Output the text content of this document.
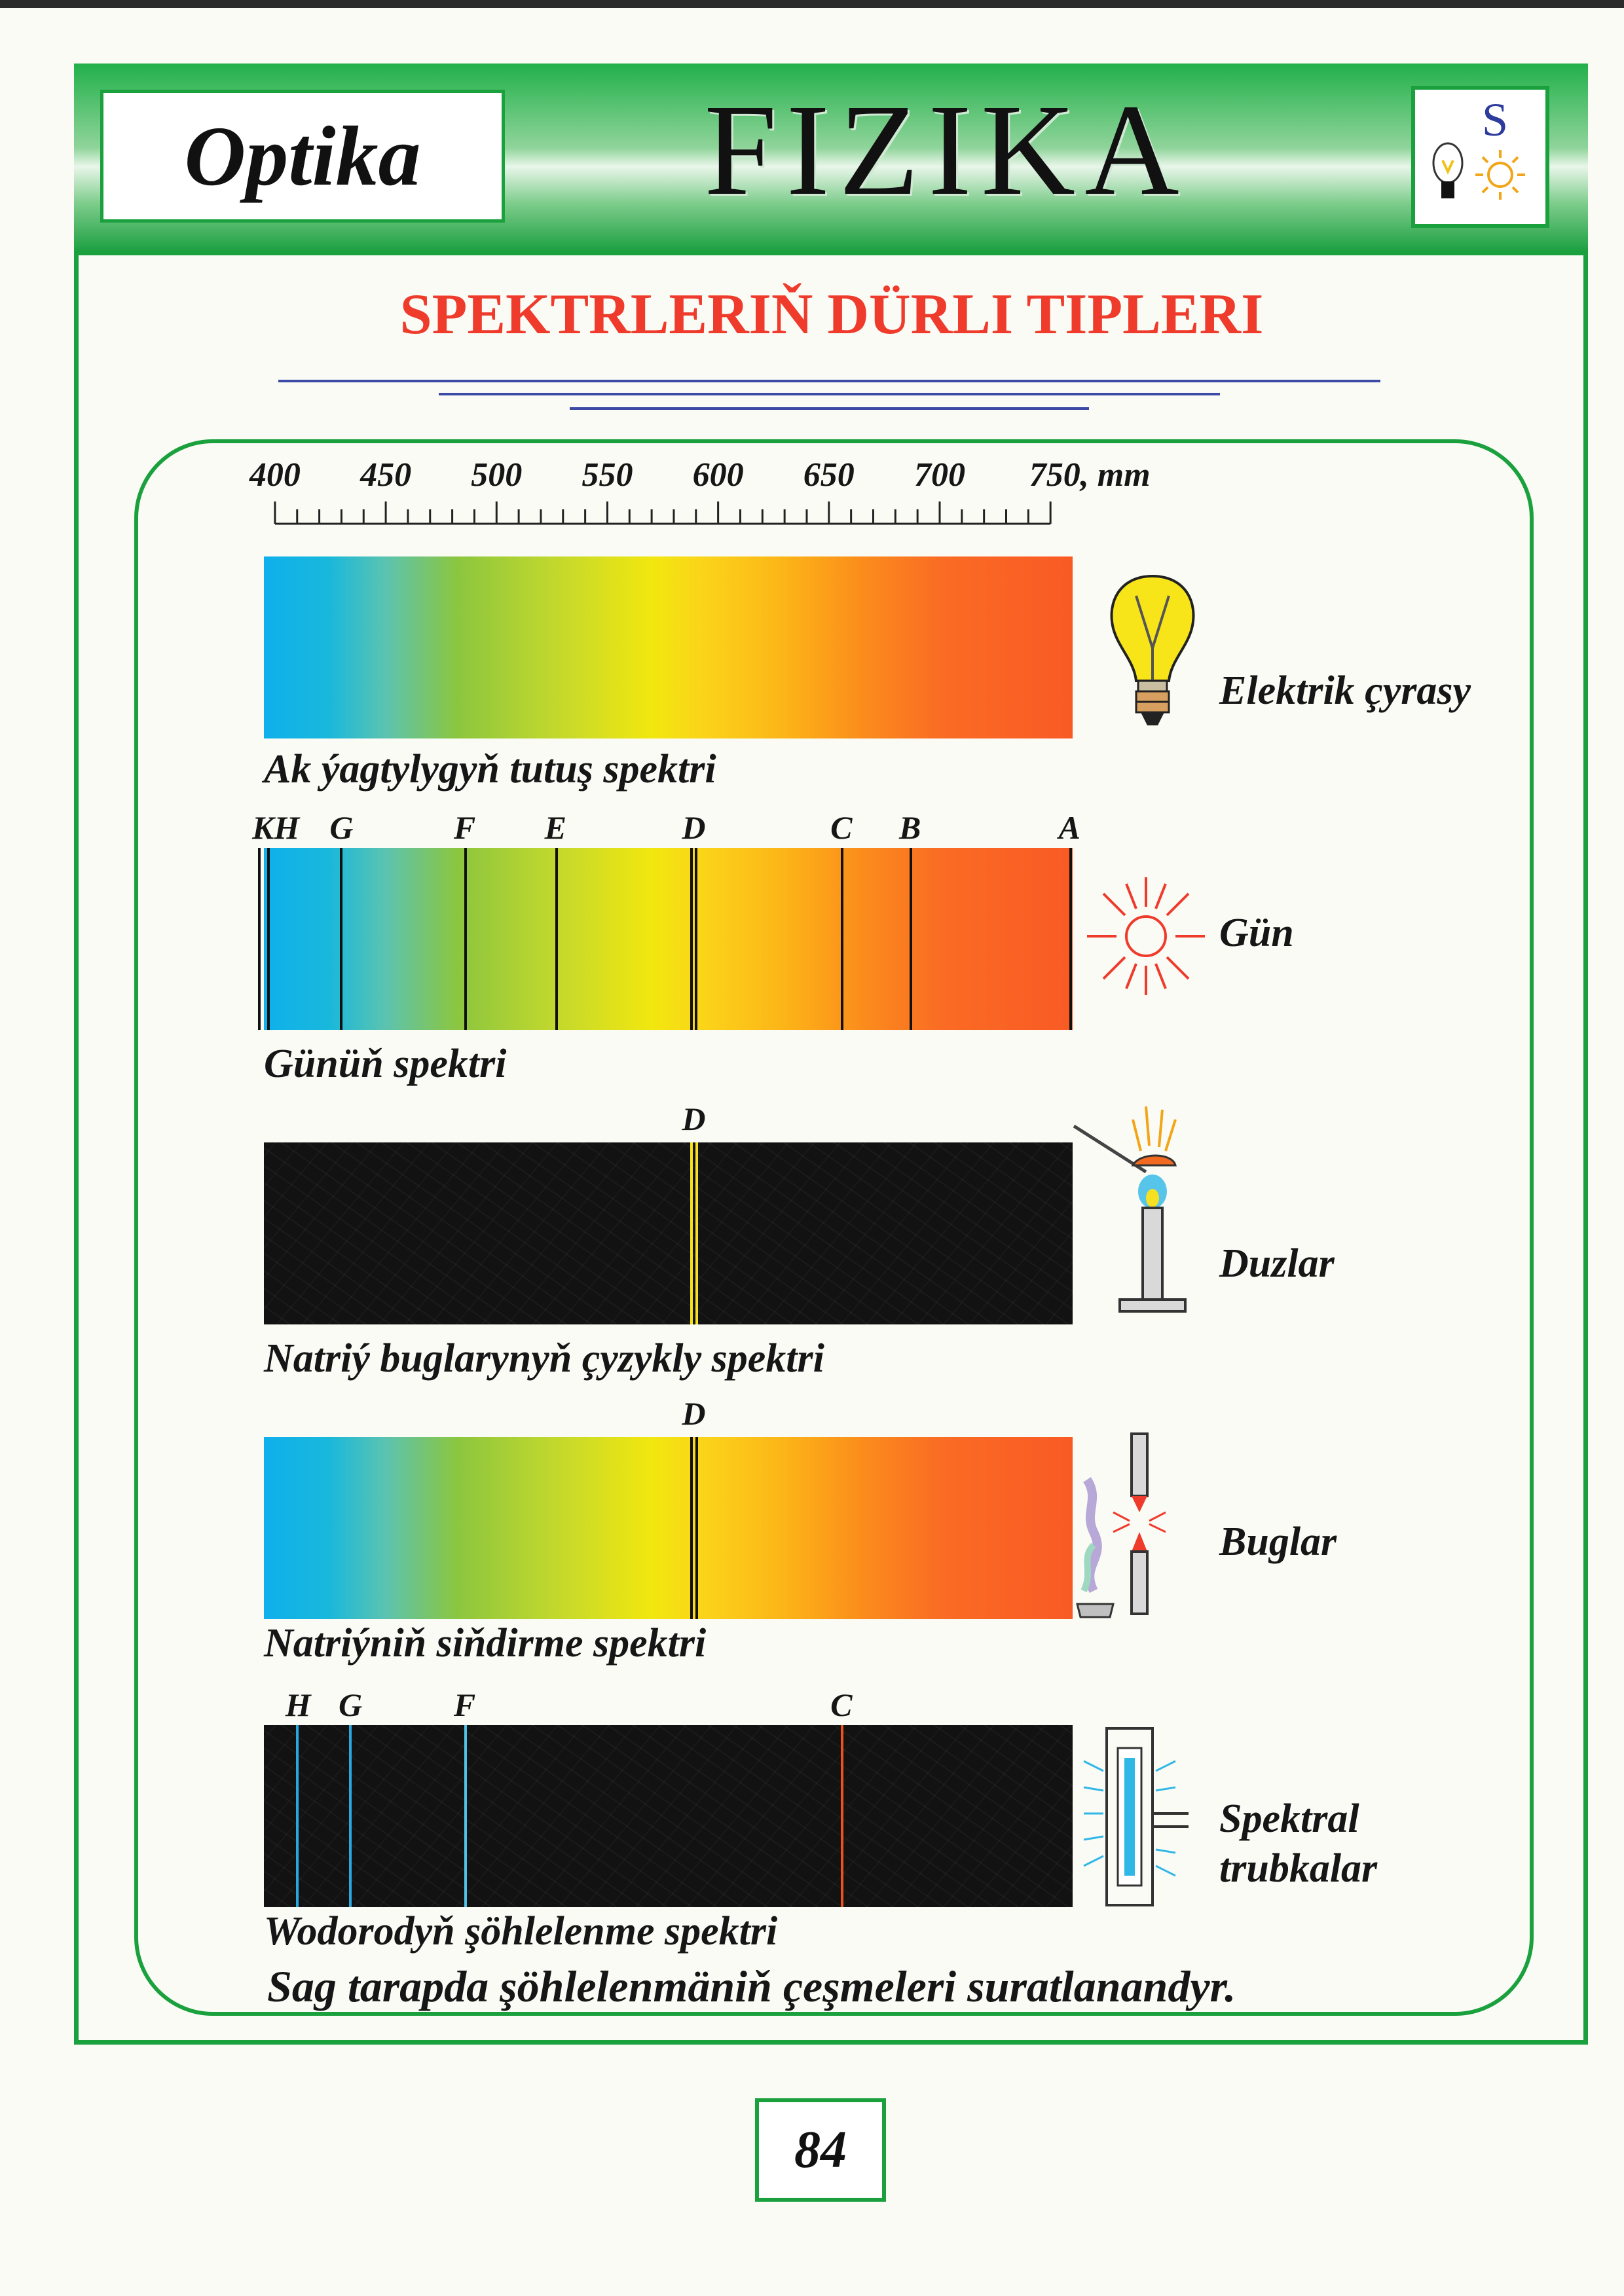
Optika	FIZIKA	S
SPEKTRLERIŇ DÜRLI TIPLERI
400 450 500 550 600 650 700 750, mm
Ak ýagtylygyň tutuş spektri
Elektrik çyrasy
KH G	F E	D	C B	A
Günüň spektri
Gün
D
Natriý buglarynyň çyzykly spektri
Duzlar
D
Natriýniň siňdirme spektri
Buglar
H G	F	C
Wodorodyň şöhlelenme spektri
Spektral
trubkalar
Sag tarapda şöhlelenmäniň çeşmeleri suratlanandyr.
84
